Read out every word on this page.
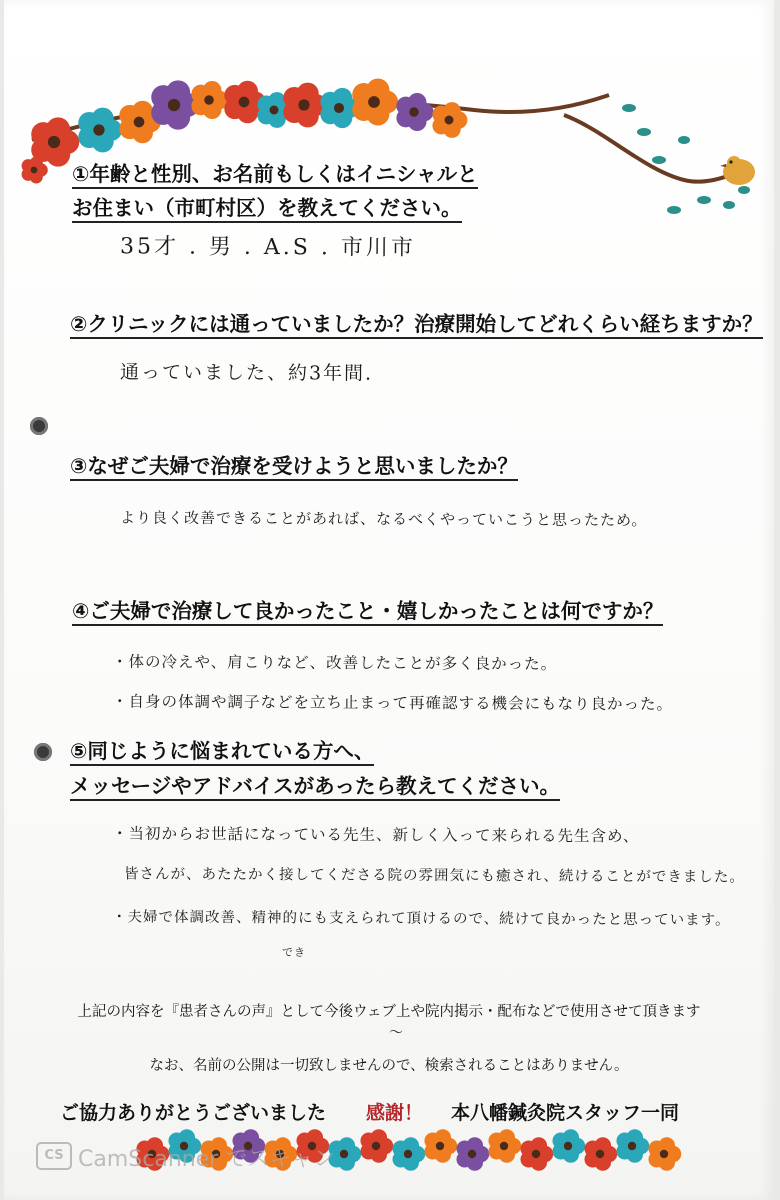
①年齢と性別、お名前もしくはイニシャルと
お住まい（市町村区）を教えてください。
35才 . 男 . A.S . 市川市
②クリニックには通っていましたか？治療開始してどれくらい経ちますか？
通っていました、約3年間.
③なぜご夫婦で治療を受けようと思いましたか？
より良く改善できることがあれば、なるべくやっていこうと思ったため。
④ご夫婦で治療して良かったこと・嬉しかったことは何ですか？
・体の冷えや、肩こりなど、改善したことが多く良かった。
・自身の体調や調子などを立ち止まって再確認する機会にもなり良かった。
⑤同じように悩まれている方へ、
メッセージやアドバイスがあったら教えてください。
・当初からお世話になっている先生、新しく入って来られる先生含め、
皆さんが、あたたかく接してくださる院の雰囲気にも癒され、続けることができました。
・夫婦で体調改善、精神的にも支えられて頂けるので、続けて良かったと思っています。
でき
上記の内容を『患者さんの声』として今後ウェブ上や院内掲示・配布などで使用させて頂きます
〜
なお、名前の公開は一切致しませんので、検索されることはありません。
ご協力ありがとうございました 感謝！ 本八幡鍼灸院スタッフ一同
CS CamScanner でスキャン
